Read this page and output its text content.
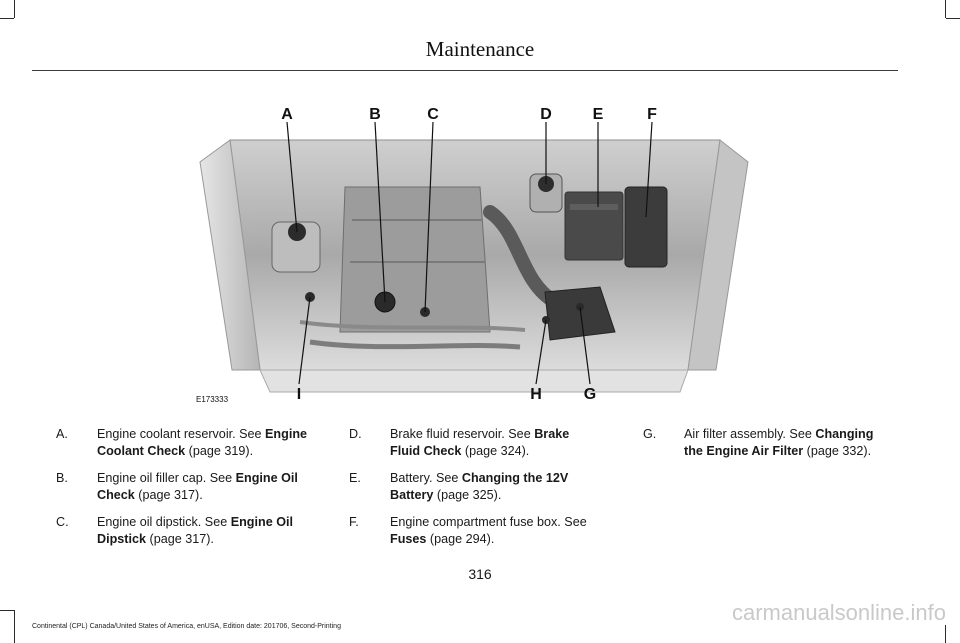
Maintenance
A	B	C	D	E	F
I	H	G
E173333
A. Engine coolant reservoir. See Engine Coolant Check (page 319).
B. Engine oil filler cap. See Engine Oil Check (page 317).
C. Engine oil dipstick. See Engine Oil Dipstick (page 317).
D. Brake fluid reservoir. See Brake Fluid Check (page 324).
E. Battery. See Changing the 12V Battery (page 325).
F. Engine compartment fuse box. See Fuses (page 294).
G. Air filter assembly. See Changing the Engine Air Filter (page 332).
316
Continental (CPL) Canada/United States of America, enUSA, Edition date: 201706, Second-Printing
carmanualsonline.info
